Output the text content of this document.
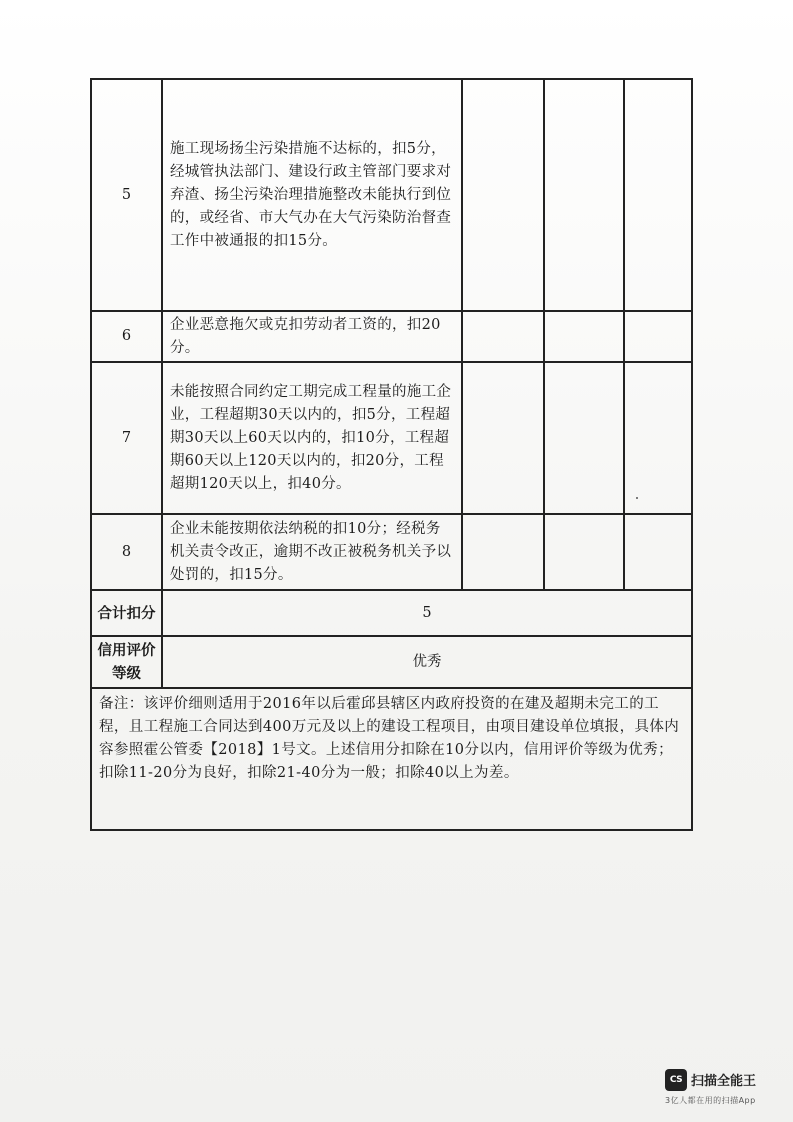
5	施工现场扬尘污染措施不达标的，扣5分，经城管执法部门、建设行政主管部门要求对弃渣、扬尘污染治理措施整改未能执行到位的，或经省、市大气办在大气污染防治督查工作中被通报的扣15分。			
6	企业恶意拖欠或克扣劳动者工资的，扣20分。			
7	未能按照合同约定工期完成工程量的施工企业，工程超期30天以内的，扣5分，工程超期30天以上60天以内的，扣10分，工程超期60天以上120天以内的，扣20分，工程超期120天以上，扣40分。			
8	企业未能按期依法纳税的扣10分；经税务机关责令改正，逾期不改正被税务机关予以处罚的，扣15分。			
合计扣分	5			
信用评价等级	优秀			
备注：该评价细则适用于2016年以后霍邱县辖区内政府投资的在建及超期未完工的工程，且工程施工合同达到400万元及以上的建设工程项目，由项目建设单位填报，具体内容参照霍公管委【2018】1号文。上述信用分扣除在10分以内，信用评价等级为优秀；扣除11-20分为良好，扣除21-40分为一般；扣除40以上为差。				
CS 扫描全能王
3亿人都在用的扫描App
